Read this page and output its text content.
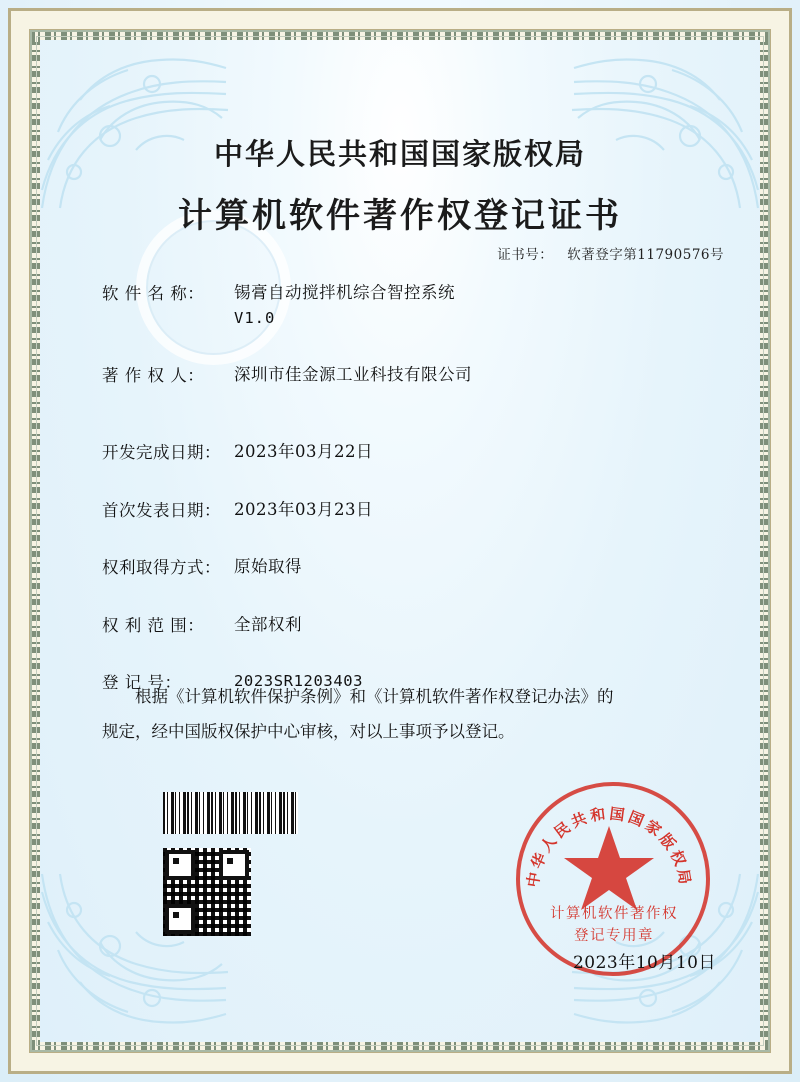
中华人民共和国国家版权局
计算机软件著作权登记证书
证书号： 软著登字第11790576号
软 件 名 称：	锡膏自动搅拌机综合智控系统
V1.0
著 作 权 人：	深圳市佳金源工业科技有限公司
开发完成日期： 2023年03月22日
首次发表日期： 2023年03月23日
权利取得方式： 原始取得
权 利 范 围：	全部权利
登 记 号：	2023SR1203403

根据《计算机软件保护条例》和《计算机软件著作权登记办法》的

规定，经中国版权保护中心审核，对以上事项予以登记。

中华人民共和国国家版权局
计算机软件著作权
登记专用章
2023年10月10日
